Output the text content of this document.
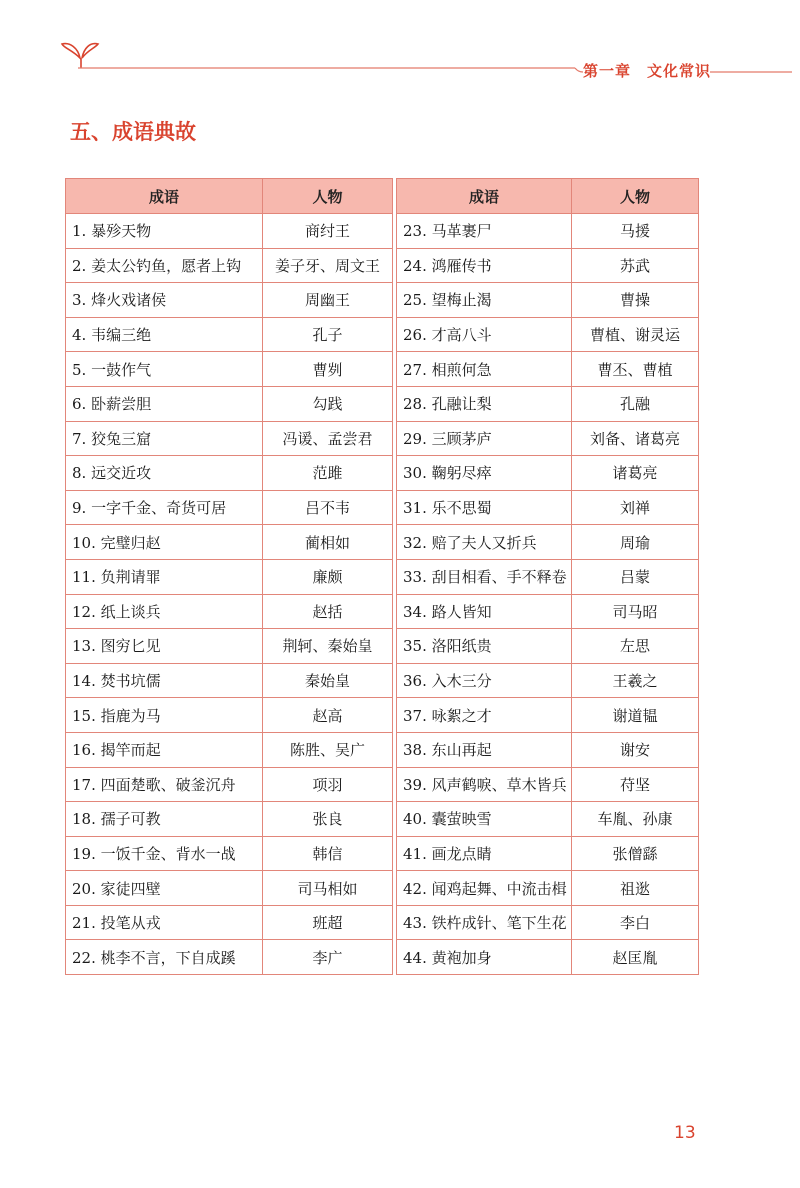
第一章　文化常识
五、成语典故
成语	人物		成语	人物
1. 暴殄天物	商纣王		23. 马革裹尸	马援
2. 姜太公钓鱼，愿者上钩	姜子牙、周文王		24. 鸿雁传书	苏武
3. 烽火戏诸侯	周幽王		25. 望梅止渴	曹操
4. 韦编三绝	孔子		26. 才高八斗	曹植、谢灵运
5. 一鼓作气	曹刿		27. 相煎何急	曹丕、曹植
6. 卧薪尝胆	勾践		28. 孔融让梨	孔融
7. 狡兔三窟	冯谖、孟尝君		29. 三顾茅庐	刘备、诸葛亮
8. 远交近攻	范雎		30. 鞠躬尽瘁	诸葛亮
9. 一字千金、奇货可居	吕不韦		31. 乐不思蜀	刘禅
10. 完璧归赵	蔺相如		32. 赔了夫人又折兵	周瑜
11. 负荆请罪	廉颇		33. 刮目相看、手不释卷	吕蒙
12. 纸上谈兵	赵括		34. 路人皆知	司马昭
13. 图穷匕见	荆轲、秦始皇		35. 洛阳纸贵	左思
14. 焚书坑儒	秦始皇		36. 入木三分	王羲之
15. 指鹿为马	赵高		37. 咏絮之才	谢道韫
16. 揭竿而起	陈胜、吴广		38. 东山再起	谢安
17. 四面楚歌、破釜沉舟	项羽		39. 风声鹤唳、草木皆兵	苻坚
18. 孺子可教	张良		40. 囊萤映雪	车胤、孙康
19. 一饭千金、背水一战	韩信		41. 画龙点睛	张僧繇
20. 家徒四壁	司马相如		42. 闻鸡起舞、中流击楫	祖逖
21. 投笔从戎	班超		43. 铁杵成针、笔下生花	李白
22. 桃李不言，下自成蹊	李广		44. 黄袍加身	赵匡胤
13
